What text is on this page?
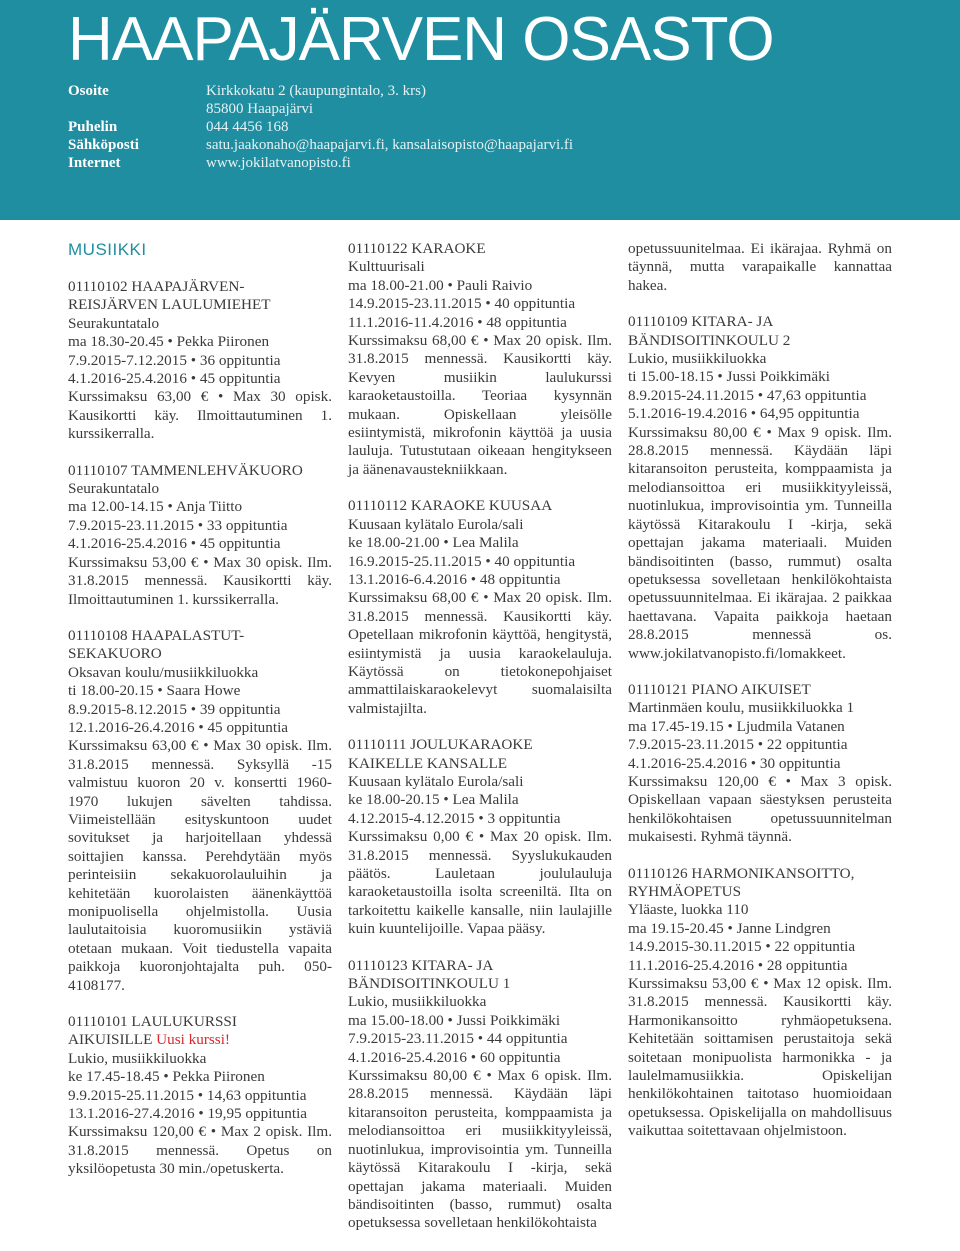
HAAPAJÄRVEN OSASTO
Osoite	Kirkkokatu 2 (kaupungintalo, 3. krs)
85800 Haapajärvi
Puhelin	044 4456 168
Sähköposti	satu.jaakonaho@haapajarvi.fi, kansalaisopisto@haapajarvi.fi
Internet	www.jokilatvanopisto.fi
MUSIIKKI
01110102 HAAPAJÄRVEN-
REISJÄRVEN LAULUMIEHET
Seurakuntatalo
ma 18.30-20.45 • Pekka Piironen
7.9.2015-7.12.2015 • 36 oppituntia
4.1.2016-25.4.2016 • 45 oppituntia
Kurssimaksu 63,00 € • Max 30 opisk. Kausikortti käy. Ilmoittautuminen 1. kurssikerralla.
01110107 TAMMENLEHVÄKUORO
Seurakuntatalo
ma 12.00-14.15 • Anja Tiitto
7.9.2015-23.11.2015 • 33 oppituntia
4.1.2016-25.4.2016 • 45 oppituntia
Kurssimaksu 53,00 € • Max 30 opisk. Ilm. 31.8.2015 mennessä. Kausikortti käy. Ilmoittautuminen 1. kurssikerralla.
01110108 HAAPALASTUT-
SEKAKUORO
Oksavan koulu/musiikkiluokka
ti 18.00-20.15 • Saara Howe
8.9.2015-8.12.2015 • 39 oppituntia
12.1.2016-26.4.2016 • 45 oppituntia
Kurssimaksu 63,00 € • Max 30 opisk. Ilm. 31.8.2015 mennessä. Syksyllä -15 valmistuu kuoron 20 v. konsertti 1960-1970 lukujen sävelten tahdissa. Viimeistellään esityskuntoon uudet sovitukset ja harjoitellaan yhdessä soittajien kanssa. Perehdytään myös perinteisiin sekakuorolauluihin ja kehitetään kuorolaisten äänenkäyttöä monipuolisella ohjelmistolla. Uusia laulutaitoisia kuoromusiikin ystäviä otetaan mukaan. Voit tiedustella vapaita paikkoja kuoronjohtajalta puh. 050-4108177.
01110101 LAULUKURSSI
AIKUISILLE Uusi kurssi!
Lukio, musiikkiluokka
ke 17.45-18.45 • Pekka Piironen
9.9.2015-25.11.2015 • 14,63 oppituntia
13.1.2016-27.4.2016 • 19,95 oppituntia
Kurssimaksu 120,00 € • Max 2 opisk. Ilm. 31.8.2015 mennessä. Opetus on yksilöopetusta 30 min./opetuskerta.
01110122 KARAOKE
Kulttuurisali
ma 18.00-21.00 • Pauli Raivio
14.9.2015-23.11.2015 • 40 oppituntia
11.1.2016-11.4.2016 • 48 oppituntia
Kurssimaksu 68,00 € • Max 20 opisk. Ilm. 31.8.2015 mennessä. Kausikortti käy. Kevyen musiikin laulukurssi karaoketaustoilla. Teoriaa kysynnän mukaan. Opiskellaan yleisölle esiintymistä, mikrofonin käyttöä ja uusia lauluja. Tutustutaan oikeaan hengitykseen ja äänenavaustekniikkaan.
01110112 KARAOKE KUUSAA
Kuusaan kylätalo Eurola/sali
ke 18.00-21.00 • Lea Malila
16.9.2015-25.11.2015 • 40 oppituntia
13.1.2016-6.4.2016 • 48 oppituntia
Kurssimaksu 68,00 € • Max 20 opisk. Ilm. 31.8.2015 mennessä. Kausikortti käy. Opetellaan mikrofonin käyttöä, hengitystä, esiintymistä ja uusia karaokelauluja. Käytössä on tietokonepohjaiset ammattilaiskaraokelevyt suomalaisilta valmistajilta.
01110111 JOULUKARAOKE
KAIKELLE KANSALLE
Kuusaan kylätalo Eurola/sali
ke 18.00-20.15 • Lea Malila
4.12.2015-4.12.2015 • 3 oppituntia
Kurssimaksu 0,00 € • Max 20 opisk. Ilm. 31.8.2015 mennessä. Syyslukukauden päätös. Lauletaan joululauluja karaoketaustoilla isolta screeniltä. Ilta on tarkoitettu kaikelle kansalle, niin laulajille kuin kuuntelijoille. Vapaa pääsy.
01110123 KITARA- JA
BÄNDISOITINKOULU 1
Lukio, musiikkiluokka
ma 15.00-18.00 • Jussi Poikkimäki
7.9.2015-23.11.2015 • 44 oppituntia
4.1.2016-25.4.2016 • 60 oppituntia
Kurssimaksu 80,00 € • Max 6 opisk. Ilm. 28.8.2015 mennessä. Käydään läpi kitaransoiton perusteita, komppaamista ja melodiansoittoa eri musiikkityyleissä, nuotinlukua, improvisointia ym. Tunneilla käytössä Kitarakoulu I -kirja, sekä opettajan jakama materiaali. Muiden bändisoitinten (basso, rummut) osalta opetuksessa sovelletaan henkilökohtaista
opetussuunitelmaa. Ei ikärajaa. Ryhmä on täynnä, mutta varapaikalle kannattaa hakea.
01110109 KITARA- JA
BÄNDISOITINKOULU 2
Lukio, musiikkiluokka
ti 15.00-18.15 • Jussi Poikkimäki
8.9.2015-24.11.2015 • 47,63 oppituntia
5.1.2016-19.4.2016 • 64,95 oppituntia
Kurssimaksu 80,00 € • Max 9 opisk. Ilm. 28.8.2015 mennessä. Käydään läpi kitaransoiton perusteita, komppaamista ja melodiansoittoa eri musiikkityyleissä, nuotinlukua, improvisointia ym. Tunneilla käytössä Kitarakoulu I -kirja, sekä opettajan jakama materiaali. Muiden bändisoitinten (basso, rummut) osalta opetuksessa sovelletaan henkilökohtaista opetussuunnitelmaa. Ei ikärajaa. 2 paikkaa haettavana. Vapaita paikkoja haetaan 28.8.2015 mennessä os. www.jokilatvanopisto.fi/lomakkeet.
01110121 PIANO AIKUISET
Martinmäen koulu, musiikkiluokka 1
ma 17.45-19.15 • Ljudmila Vatanen
7.9.2015-23.11.2015 • 22 oppituntia
4.1.2016-25.4.2016 • 30 oppituntia
Kurssimaksu 120,00 € • Max 3 opisk. Opiskellaan vapaan säestyksen perusteita henkilökohtaisen opetussuunnitelman mukaisesti. Ryhmä täynnä.
01110126 HARMONIKANSOITTO,
RYHMÄOPETUS
Yläaste, luokka 110
ma 19.15-20.45 • Janne Lindgren
14.9.2015-30.11.2015 • 22 oppituntia
11.1.2016-25.4.2016 • 28 oppituntia
Kurssimaksu 53,00 € • Max 12 opisk. Ilm. 31.8.2015 mennessä. Kausikortti käy. Harmonikansoitto ryhmäopetuksena. Kehitetään soittamisen perustaitoja sekä soitetaan monipuolista harmonikka - ja laulelmamusiikkia. Opiskelijan henkilökohtainen taitotaso huomioidaan opetuksessa. Opiskelijalla on mahdollisuus vaikuttaa soitettavaan ohjelmistoon.
